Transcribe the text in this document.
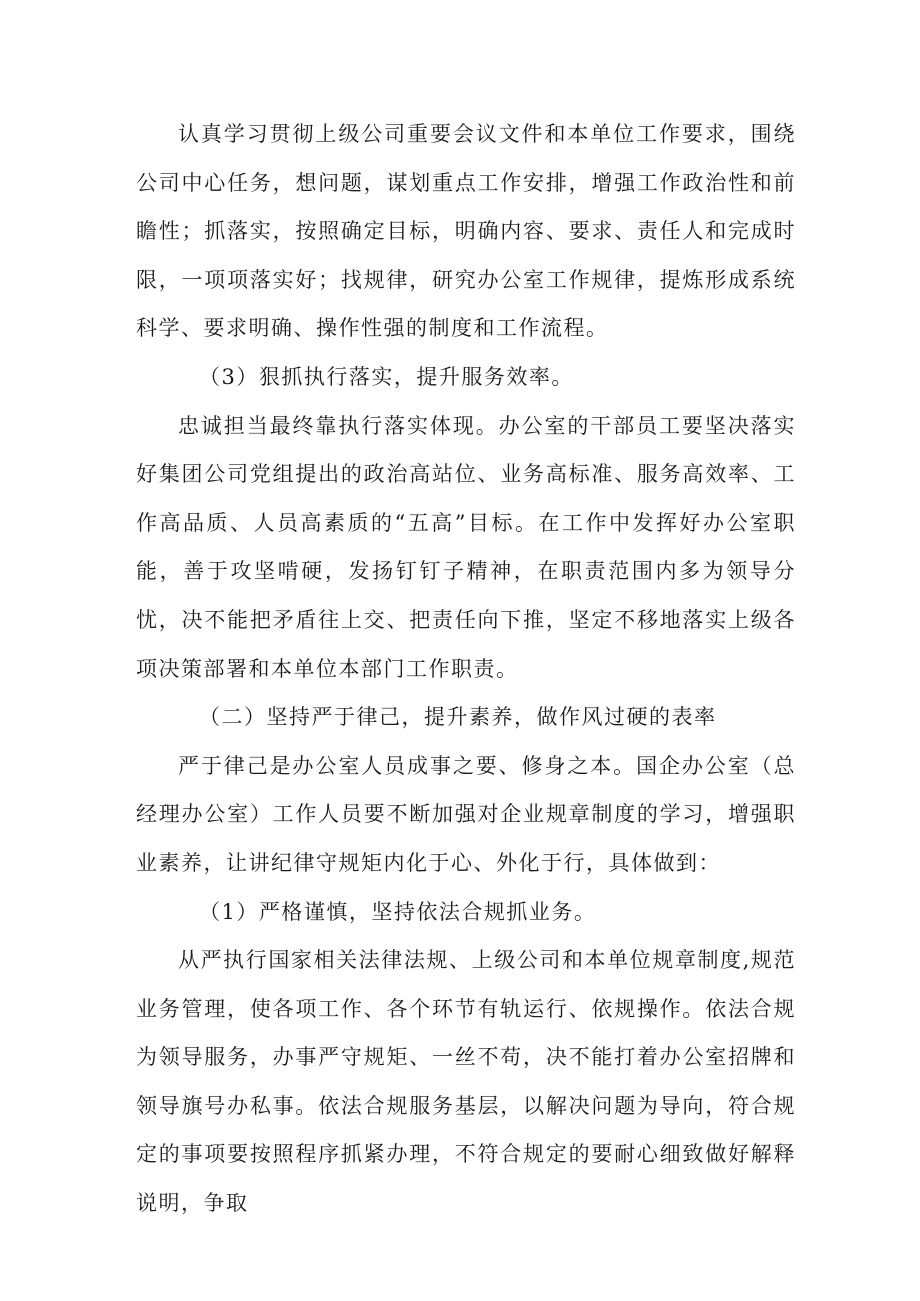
认真学习贯彻上级公司重要会议文件和本单位工作要求，围绕公司中心任务，想问题，谋划重点工作安排，增强工作政治性和前瞻性；抓落实，按照确定目标，明确内容、要求、责任人和完成时限，一项项落实好；找规律，研究办公室工作规律，提炼形成系统科学、要求明确、操作性强的制度和工作流程。

（3）狠抓执行落实，提升服务效率。

忠诚担当最终靠执行落实体现。办公室的干部员工要坚决落实好集团公司党组提出的政治高站位、业务高标准、服务高效率、工作高品质、人员高素质的“五高”目标。在工作中发挥好办公室职能，善于攻坚啃硬，发扬钉钉子精神，在职责范围内多为领导分忧，决不能把矛盾往上交、把责任向下推，坚定不移地落实上级各项决策部署和本单位本部门工作职责。

（二）坚持严于律己，提升素养，做作风过硬的表率

严于律己是办公室人员成事之要、修身之本。国企办公室（总经理办公室）工作人员要不断加强对企业规章制度的学习，增强职业素养，让讲纪律守规矩内化于心、外化于行，具体做到：

（1）严格谨慎，坚持依法合规抓业务。

从严执行国家相关法律法规、上级公司和本单位规章制度,规范业务管理，使各项工作、各个环节有轨运行、依规操作。依法合规为领导服务，办事严守规矩、一丝不苟，决不能打着办公室招牌和领导旗号办私事。依法合规服务基层，以解决问题为导向，符合规定的事项要按照程序抓紧办理，不符合规定的要耐心细致做好解释说明，争取
